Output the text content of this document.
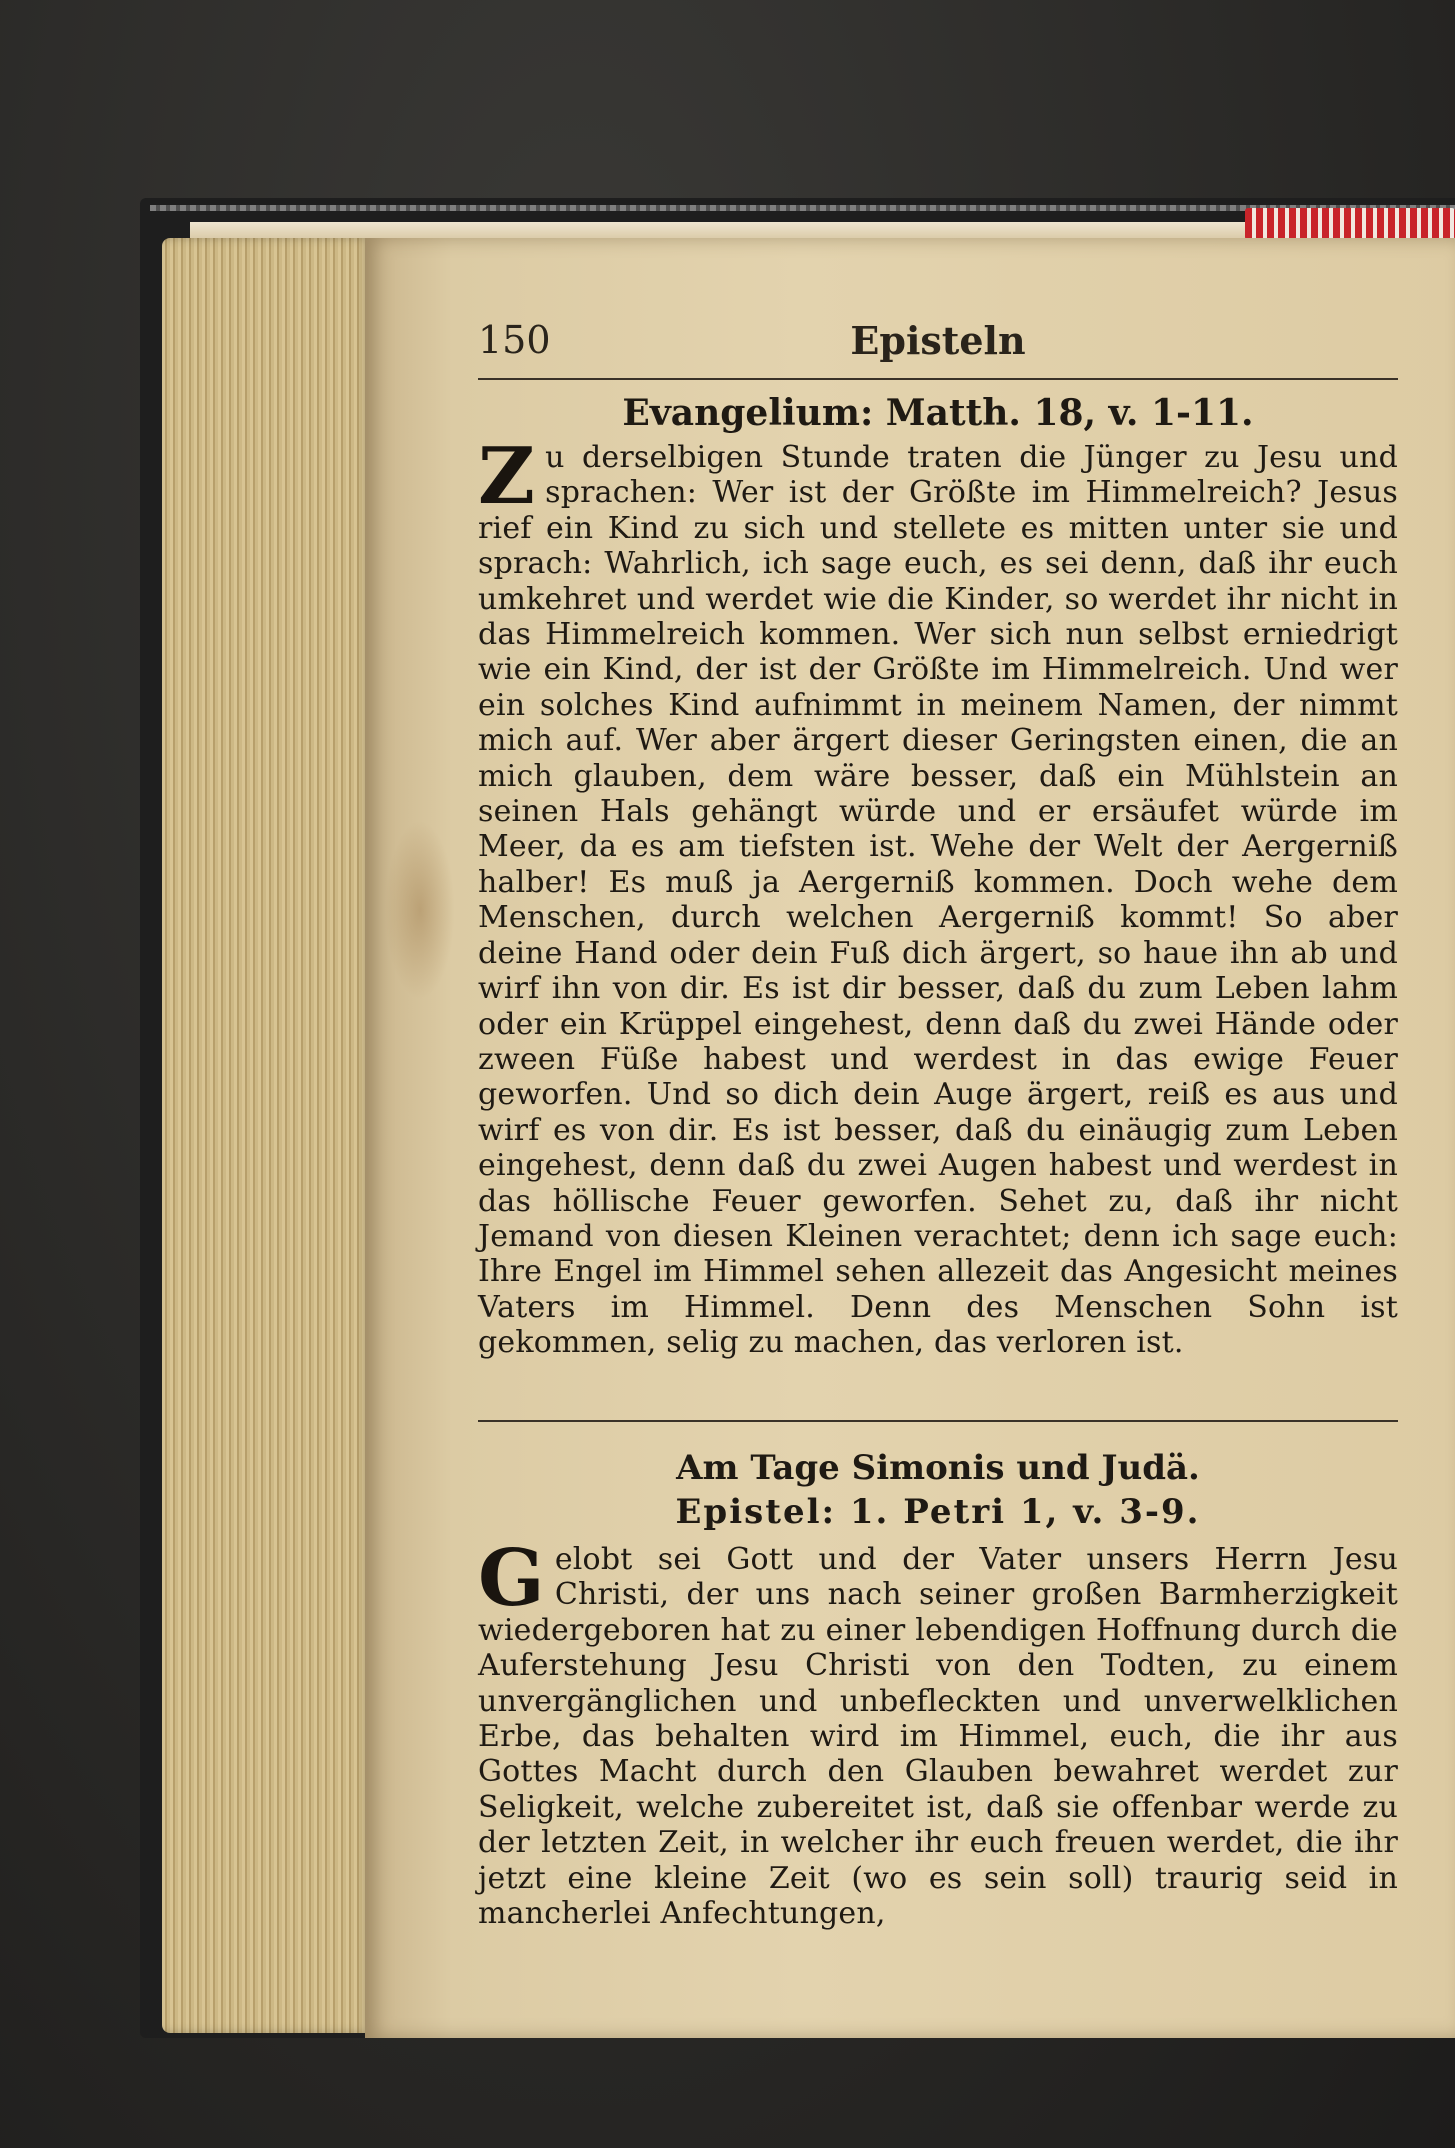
150	Episteln
Evangelium: Matth. 18, v. 1-11.
Zu derselbigen Stunde traten die Jünger zu Jesu und sprachen: Wer ist der Größte im Himmelreich? Jesus rief ein Kind zu sich und stellete es mitten unter sie und sprach: Wahrlich, ich sage euch, es sei denn, daß ihr euch umkehret und werdet wie die Kinder, so werdet ihr nicht in das Himmelreich kommen. Wer sich nun selbst erniedrigt wie ein Kind, der ist der Größte im Himmelreich. Und wer ein solches Kind aufnimmt in meinem Namen, der nimmt mich auf. Wer aber ärgert dieser Geringsten einen, die an mich glauben, dem wäre besser, daß ein Mühlstein an seinen Hals gehängt würde und er ersäufet würde im Meer, da es am tiefsten ist. Wehe der Welt der Aergerniß halber! Es muß ja Aergerniß kommen. Doch wehe dem Menschen, durch welchen Aergerniß kommt! So aber deine Hand oder dein Fuß dich ärgert, so haue ihn ab und wirf ihn von dir. Es ist dir besser, daß du zum Leben lahm oder ein Krüppel eingehest, denn daß du zwei Hände oder zween Füße habest und werdest in das ewige Feuer geworfen. Und so dich dein Auge ärgert, reiß es aus und wirf es von dir. Es ist besser, daß du einäugig zum Leben eingehest, denn daß du zwei Augen habest und werdest in das höllische Feuer geworfen. Sehet zu, daß ihr nicht Jemand von diesen Kleinen verachtet; denn ich sage euch: Ihre Engel im Himmel sehen allezeit das Angesicht meines Vaters im Himmel. Denn des Menschen Sohn ist gekommen, selig zu machen, das verloren ist.
Am Tage Simonis und Judä.
Epistel: 1. Petri 1, v. 3-9.
Gelobt sei Gott und der Vater unsers Herrn Jesu Christi, der uns nach seiner großen Barmherzigkeit wiedergeboren hat zu einer lebendigen Hoffnung durch die Auferstehung Jesu Christi von den Todten, zu einem unvergänglichen und unbefleckten und unverwelklichen Erbe, das behalten wird im Himmel, euch, die ihr aus Gottes Macht durch den Glauben bewahret werdet zur Seligkeit, welche zubereitet ist, daß sie offenbar werde zu der letzten Zeit, in welcher ihr euch freuen werdet, die ihr jetzt eine kleine Zeit (wo es sein soll) traurig seid in mancherlei Anfechtungen,
